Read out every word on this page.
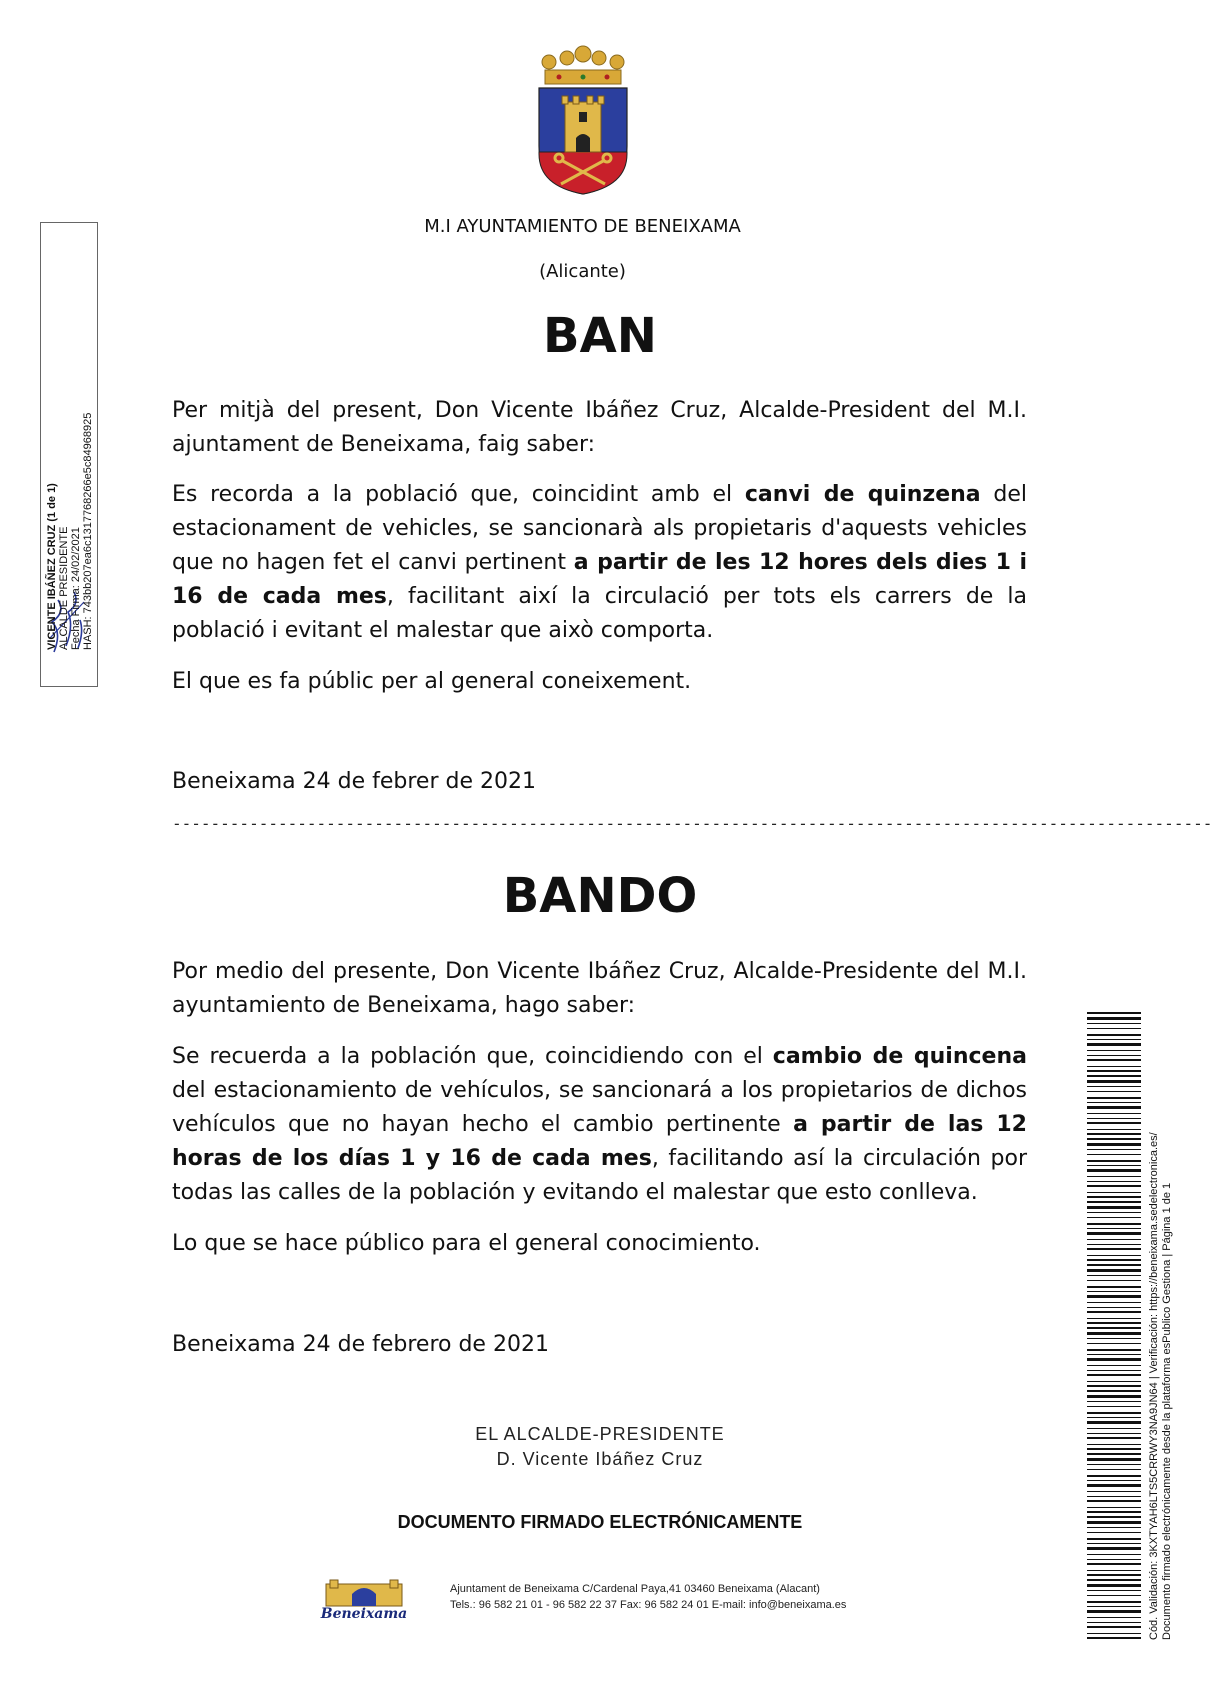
M.I AYUNTAMIENTO DE BENEIXAMA
(Alicante)
BAN
Per mitjà del present, Don Vicente Ibáñez Cruz, Alcalde-President del M.I. ajuntament de Beneixama, faig saber:
Es recorda a la població que, coincidint amb el canvi de quinzena del estacionament de vehicles, se sancionarà als propietaris d'aquests vehicles que no hagen fet el canvi pertinent a partir de les 12 hores dels dies 1 i 16 de cada mes, facilitant així la circulació per tots els carrers de la població i evitant el malestar que això comporta.
El que es fa públic per al general coneixement.
Beneixama 24 de febrer de 2021
------------------------------------------------------------------------------------------------------------
BANDO
Por medio del presente, Don Vicente Ibáñez Cruz, Alcalde-Presidente del M.I. ayuntamiento de Beneixama, hago saber:
Se recuerda a la población que, coincidiendo con el cambio de quincena del estacionamiento de vehículos, se sancionará a los propietarios de dichos vehículos que no hayan hecho el cambio pertinente a partir de las 12 horas de los días 1 y 16 de cada mes, facilitando así la circulación por todas las calles de la población y evitando el malestar que esto conlleva.
Lo que se hace público para el general conocimiento.
Beneixama 24 de febrero de 2021
EL ALCALDE-PRESIDENTE
D. Vicente Ibáñez Cruz
DOCUMENTO FIRMADO ELECTRÓNICAMENTE
Beneixama
Ajuntament de Beneixama C/Cardenal Paya,41 03460 Beneixama (Alacant)
Tels.: 96 582 21 01 - 96 582 22 37 Fax: 96 582 24 01 E-mail: info@beneixama.es
VICENTE IBÁÑEZ CRUZ (1 de 1) ALCALDE PRESIDENTE Fecha Firma: 24/02/2021 HASH: 743bb207ea6c1317768266e5c84968925
Cód. Validación: 3KXTYAH6LTS5CRRWY3NA9JN64 | Verificación: https://beneixama.sedelectronica.es/ Documento firmado electrónicamente desde la plataforma esPublico Gestiona | Página 1 de 1
